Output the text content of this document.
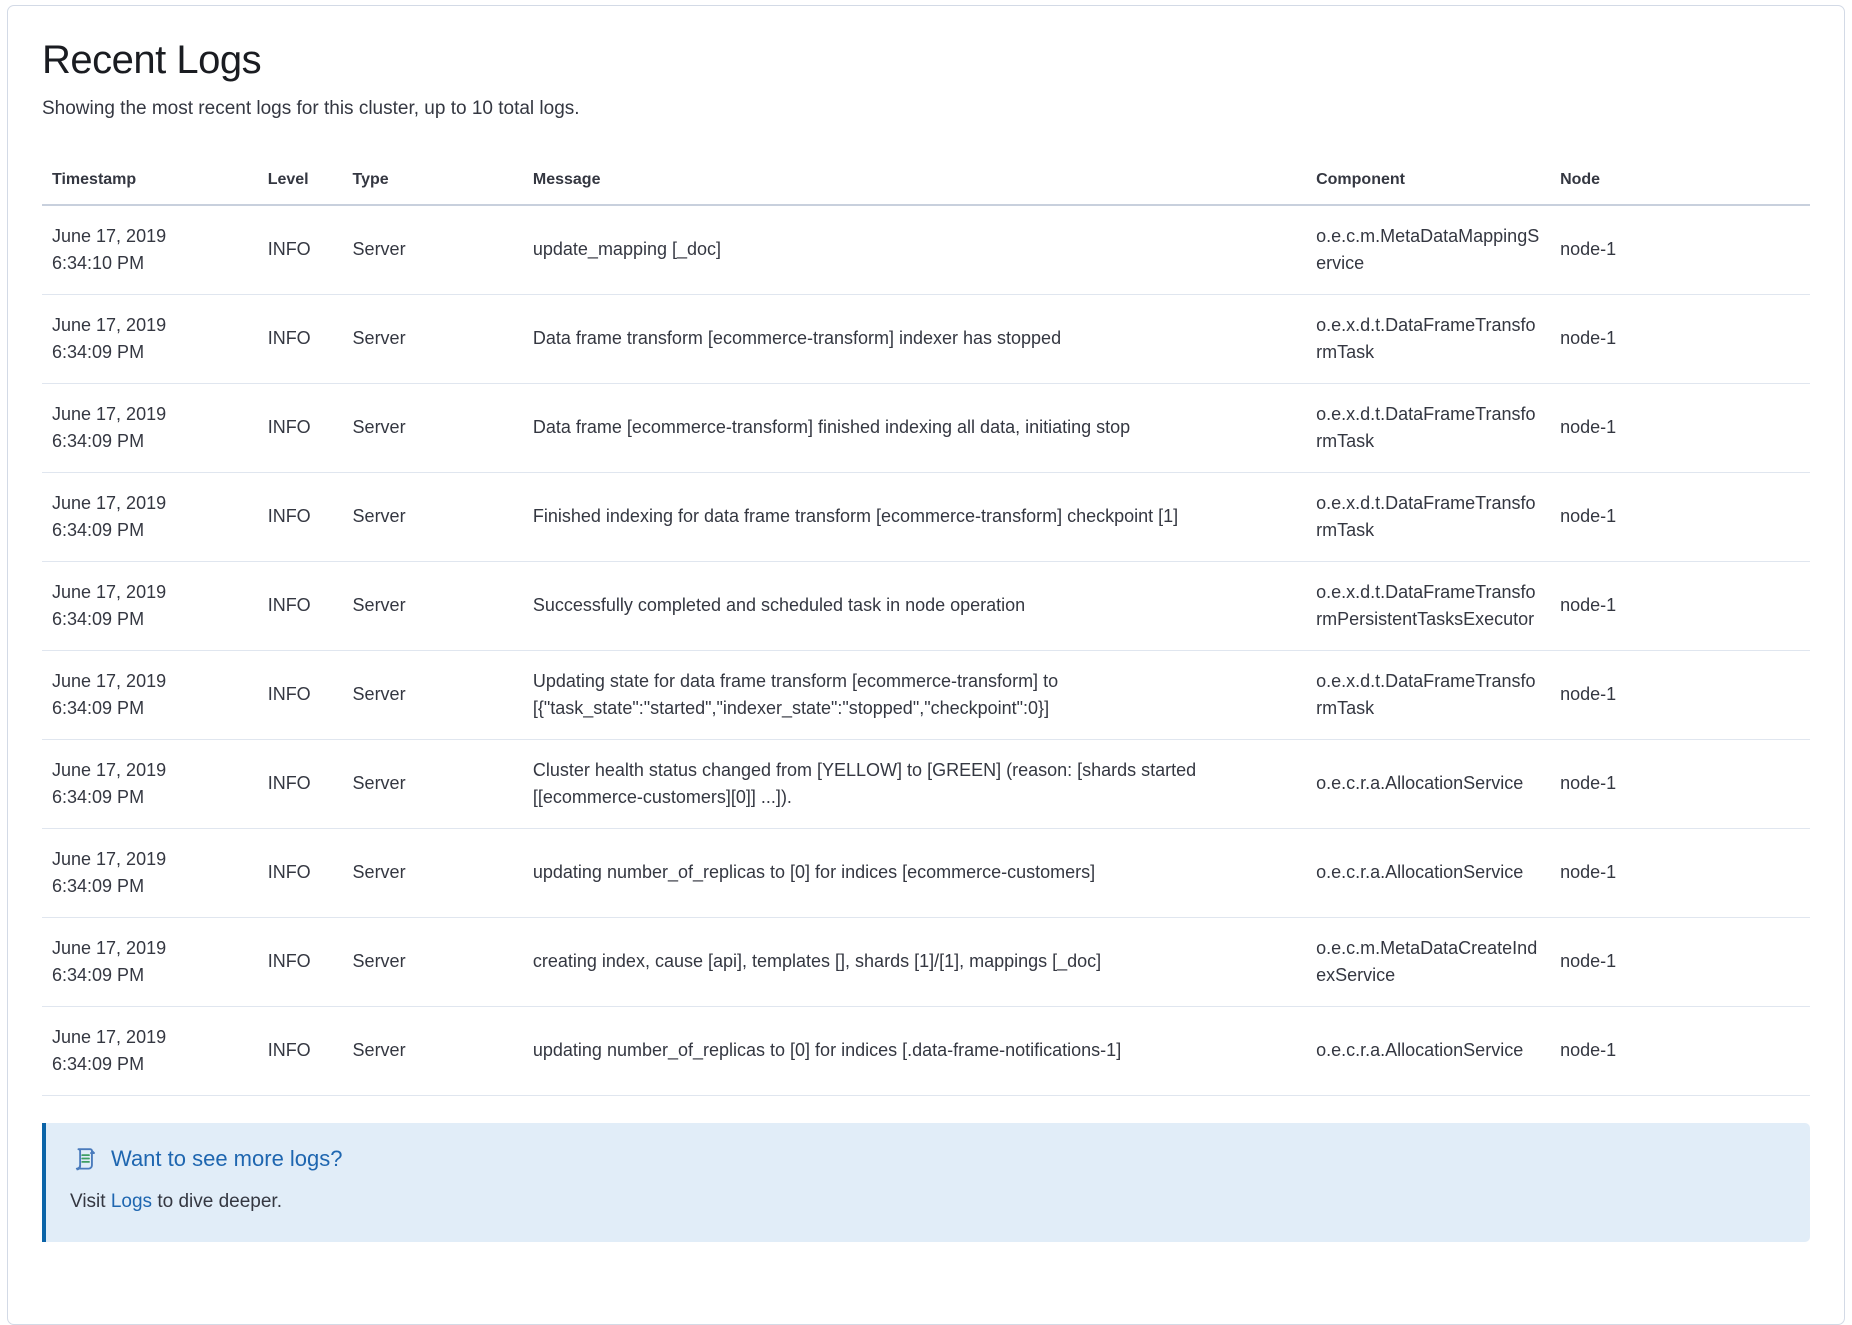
Recent Logs

Showing the most recent logs for this cluster, up to 10 total logs.

Timestamp	Level	Type	Message	Component	Node

June 17, 2019
6:34:10 PM	INFO	Server	update_mapping [_doc]	o.e.c.m.MetaDataMappingService	node-1

June 17, 2019
6:34:09 PM	INFO	Server	Data frame transform [ecommerce-transform] indexer has stopped	o.e.x.d.t.DataFrameTransformTask	node-1

June 17, 2019
6:34:09 PM	INFO	Server	Data frame [ecommerce-transform] finished indexing all data, initiating stop	o.e.x.d.t.DataFrameTransformTask	node-1

June 17, 2019
6:34:09 PM	INFO	Server	Finished indexing for data frame transform [ecommerce-transform] checkpoint [1]	o.e.x.d.t.DataFrameTransformTask	node-1

June 17, 2019
6:34:09 PM	INFO	Server	Successfully completed and scheduled task in node operation	o.e.x.d.t.DataFrameTransformPersistentTasksExecutor	node-1

June 17, 2019
6:34:09 PM	INFO	Server	Updating state for data frame transform [ecommerce-transform] to [{"task_state":"started","indexer_state":"stopped","checkpoint":0}]	o.e.x.d.t.DataFrameTransformTask	node-1

June 17, 2019
6:34:09 PM	INFO	Server	Cluster health status changed from [YELLOW] to [GREEN] (reason: [shards started [[ecommerce-customers][0]] ...]).	o.e.c.r.a.AllocationService	node-1

June 17, 2019
6:34:09 PM	INFO	Server	updating number_of_replicas to [0] for indices [ecommerce-customers]	o.e.c.r.a.AllocationService	node-1

June 17, 2019
6:34:09 PM	INFO	Server	creating index, cause [api], templates [], shards [1]/[1], mappings [_doc]	o.e.c.m.MetaDataCreateIndexService	node-1

June 17, 2019
6:34:09 PM	INFO	Server	updating number_of_replicas to [0] for indices [.data-frame-notifications-1]	o.e.c.r.a.AllocationService	node-1
Want to see more logs?
Visit Logs to dive deeper.
